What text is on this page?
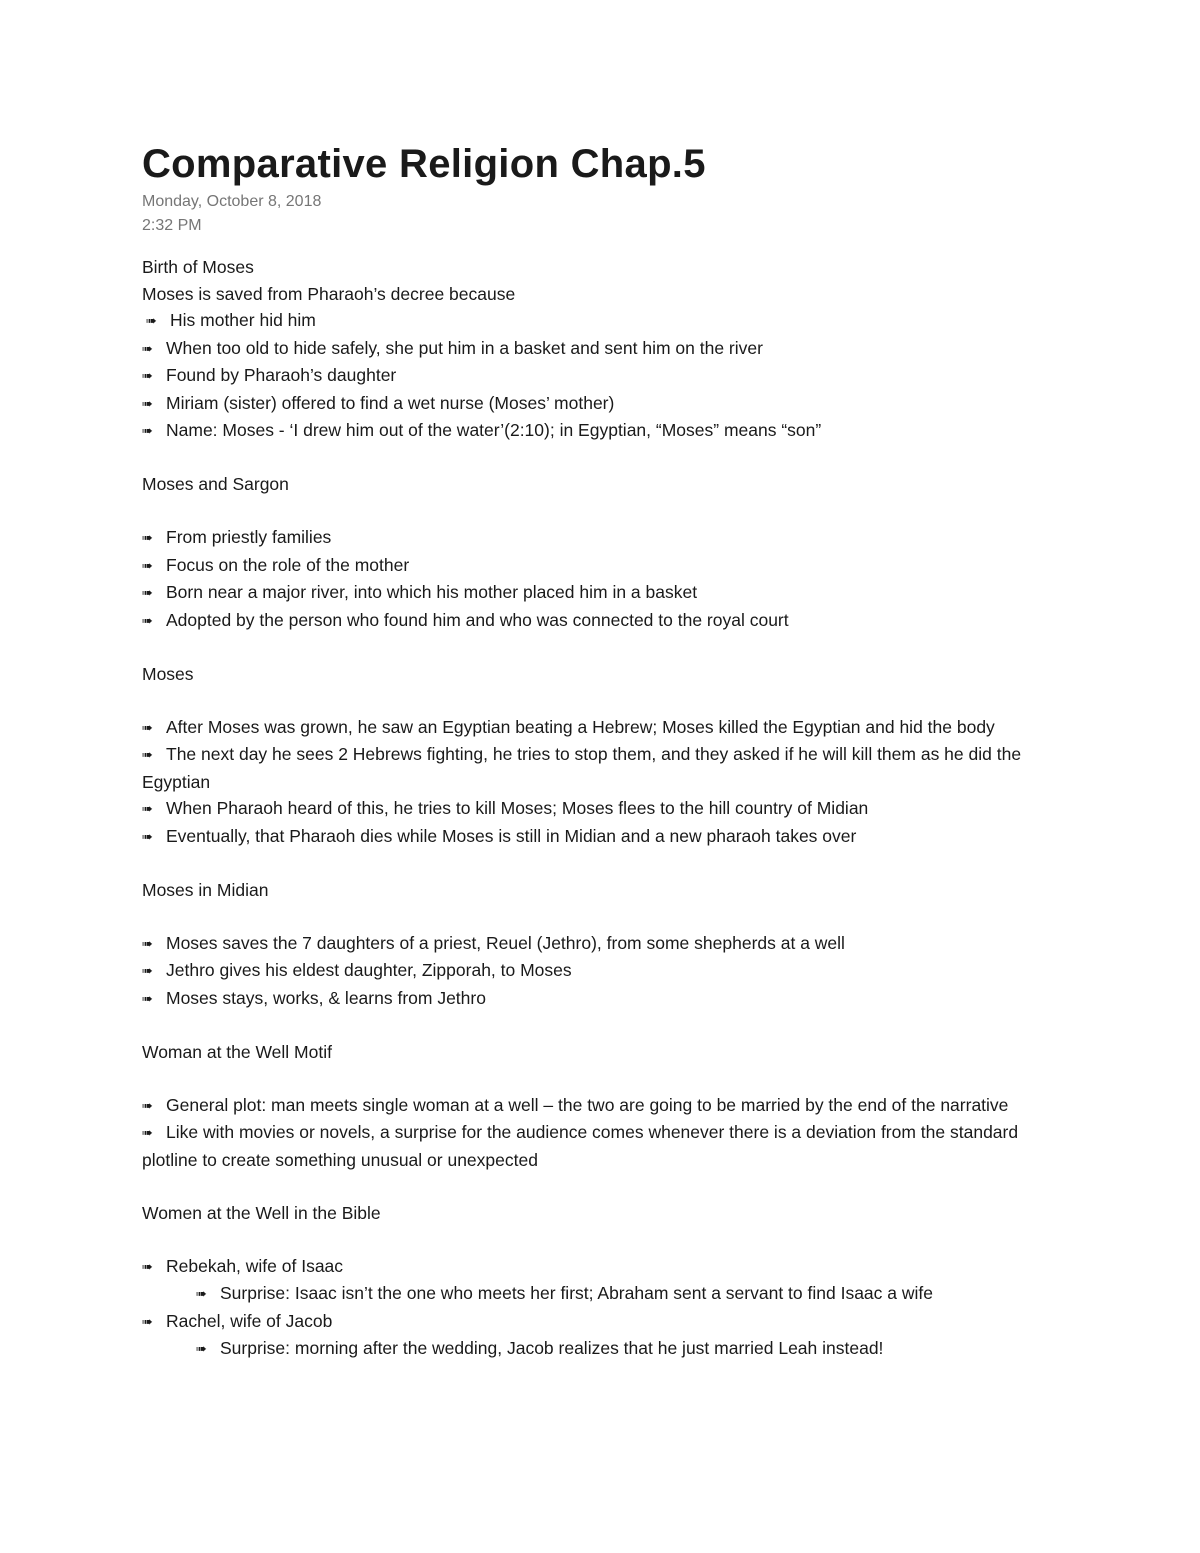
Comparative Religion Chap.5
Monday, October 8, 2018
2:32 PM
Birth of Moses
Moses is saved from Pharaoh’s decree because
➠ His mother hid him
➠ When too old to hide safely, she put him in a basket and sent him on the river
➠ Found by Pharaoh’s daughter
➠ Miriam (sister) offered to find a wet nurse (Moses’ mother)
➠ Name: Moses - ‘I drew him out of the water’(2:10); in Egyptian, “Moses” means “son”
Moses and Sargon
➠ From priestly families
➠ Focus on the role of the mother
➠ Born near a major river, into which his mother placed him in a basket
➠ Adopted by the person who found him and who was connected to the royal court
Moses
➠ After Moses was grown, he saw an Egyptian beating a Hebrew; Moses killed the Egyptian and hid the body
➠ The next day he sees 2 Hebrews fighting, he tries to stop them, and they asked if he will kill them as he did the Egyptian
➠ When Pharaoh heard of this, he tries to kill Moses; Moses flees to the hill country of Midian
➠ Eventually, that Pharaoh dies while Moses is still in Midian and a new pharaoh takes over
Moses in Midian
➠ Moses saves the 7 daughters of a priest, Reuel (Jethro), from some shepherds at a well
➠ Jethro gives his eldest daughter, Zipporah, to Moses
➠ Moses stays, works, & learns from Jethro
Woman at the Well Motif
➠ General plot: man meets single woman at a well – the two are going to be married by the end of the narrative
➠ Like with movies or novels, a surprise for the audience comes whenever there is a deviation from the standard plotline to create something unusual or unexpected
Women at the Well in the Bible
➠ Rebekah, wife of Isaac
➠ Surprise: Isaac isn’t the one who meets her first; Abraham sent a servant to find Isaac a wife
➠ Rachel, wife of Jacob
➠ Surprise: morning after the wedding, Jacob realizes that he just married Leah instead!
